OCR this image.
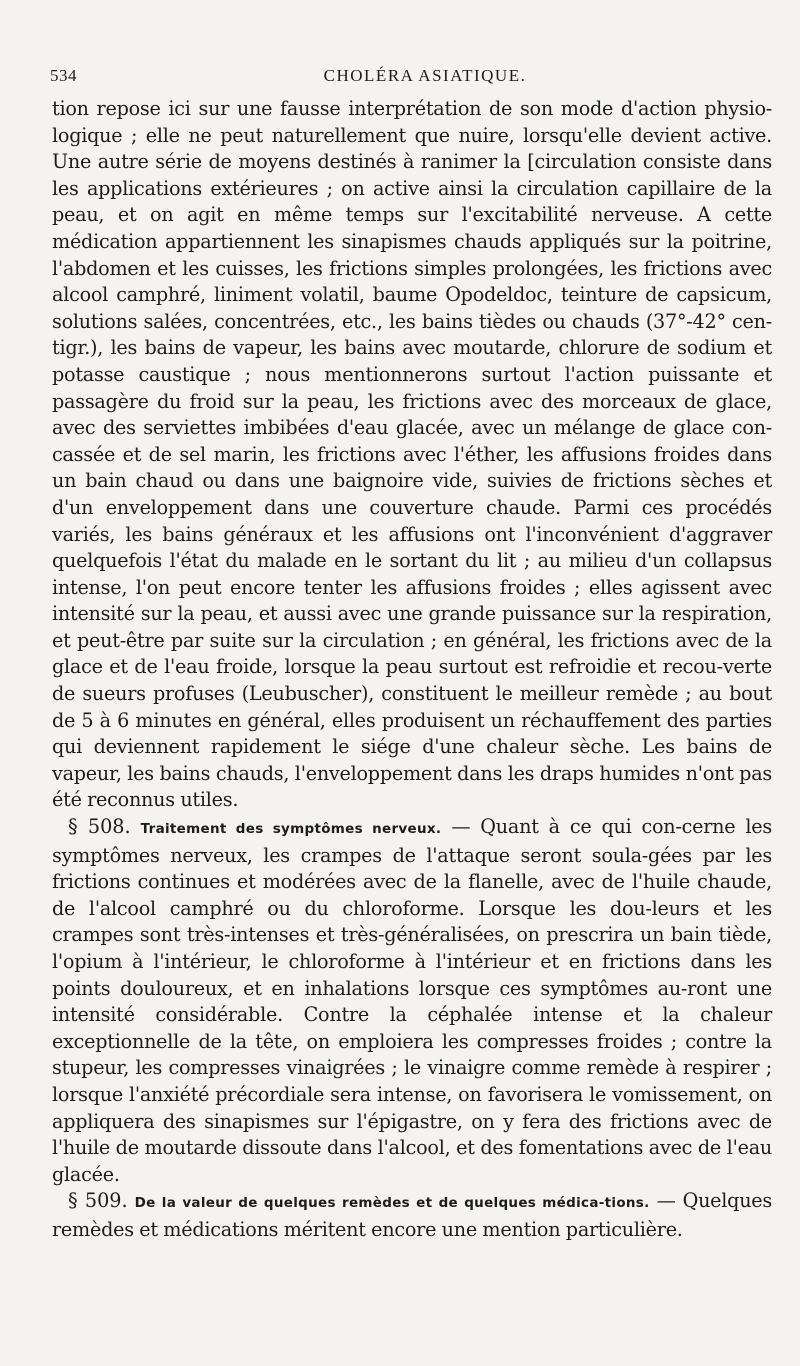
534	CHOLÉRA ASIATIQUE.

tion repose ici sur une fausse interprétation de son mode d'action physio-logique ; elle ne peut naturellement que nuire, lorsqu'elle devient active. Une autre série de moyens destinés à ranimer la [circulation consiste dans les applications extérieures ; on active ainsi la circulation capillaire de la peau, et on agit en même temps sur l'excitabilité nerveuse. A cette médication appartiennent les sinapismes chauds appliqués sur la poitrine, l'abdomen et les cuisses, les frictions simples prolongées, les frictions avec alcool camphré, liniment volatil, baume Opodeldoc, teinture de capsicum, solutions salées, concentrées, etc., les bains tièdes ou chauds (37°-42° cen-tigr.), les bains de vapeur, les bains avec moutarde, chlorure de sodium et potasse caustique ; nous mentionnerons surtout l'action puissante et passagère du froid sur la peau, les frictions avec des morceaux de glace, avec des serviettes imbibées d'eau glacée, avec un mélange de glace con-cassée et de sel marin, les frictions avec l'éther, les affusions froides dans un bain chaud ou dans une baignoire vide, suivies de frictions sèches et d'un enveloppement dans une couverture chaude. Parmi ces procédés variés, les bains généraux et les affusions ont l'inconvénient d'aggraver quelquefois l'état du malade en le sortant du lit ; au milieu d'un collapsus intense, l'on peut encore tenter les affusions froides ; elles agissent avec intensité sur la peau, et aussi avec une grande puissance sur la respiration, et peut-être par suite sur la circulation ; en général, les frictions avec de la glace et de l'eau froide, lorsque la peau surtout est refroidie et recou-verte de sueurs profuses (Leubuscher), constituent le meilleur remède ; au bout de 5 à 6 minutes en général, elles produisent un réchauffement des parties qui deviennent rapidement le siége d'une chaleur sèche. Les bains de vapeur, les bains chauds, l'enveloppement dans les draps humides n'ont pas été reconnus utiles.

§ 508. Traitement des symptômes nerveux. — Quant à ce qui con-cerne les symptômes nerveux, les crampes de l'attaque seront soula-gées par les frictions continues et modérées avec de la flanelle, avec de l'huile chaude, de l'alcool camphré ou du chloroforme. Lorsque les dou-leurs et les crampes sont très-intenses et très-généralisées, on prescrira un bain tiède, l'opium à l'intérieur, le chloroforme à l'intérieur et en frictions dans les points douloureux, et en inhalations lorsque ces symptômes au-ront une intensité considérable. Contre la céphalée intense et la chaleur exceptionnelle de la tête, on emploiera les compresses froides ; contre la stupeur, les compresses vinaigrées ; le vinaigre comme remède à respirer ; lorsque l'anxiété précordiale sera intense, on favorisera le vomissement, on appliquera des sinapismes sur l'épigastre, on y fera des frictions avec de l'huile de moutarde dissoute dans l'alcool, et des fomentations avec de l'eau glacée.

§ 509. De la valeur de quelques remèdes et de quelques médica-tions. — Quelques remèdes et médications méritent encore une mention particulière.
